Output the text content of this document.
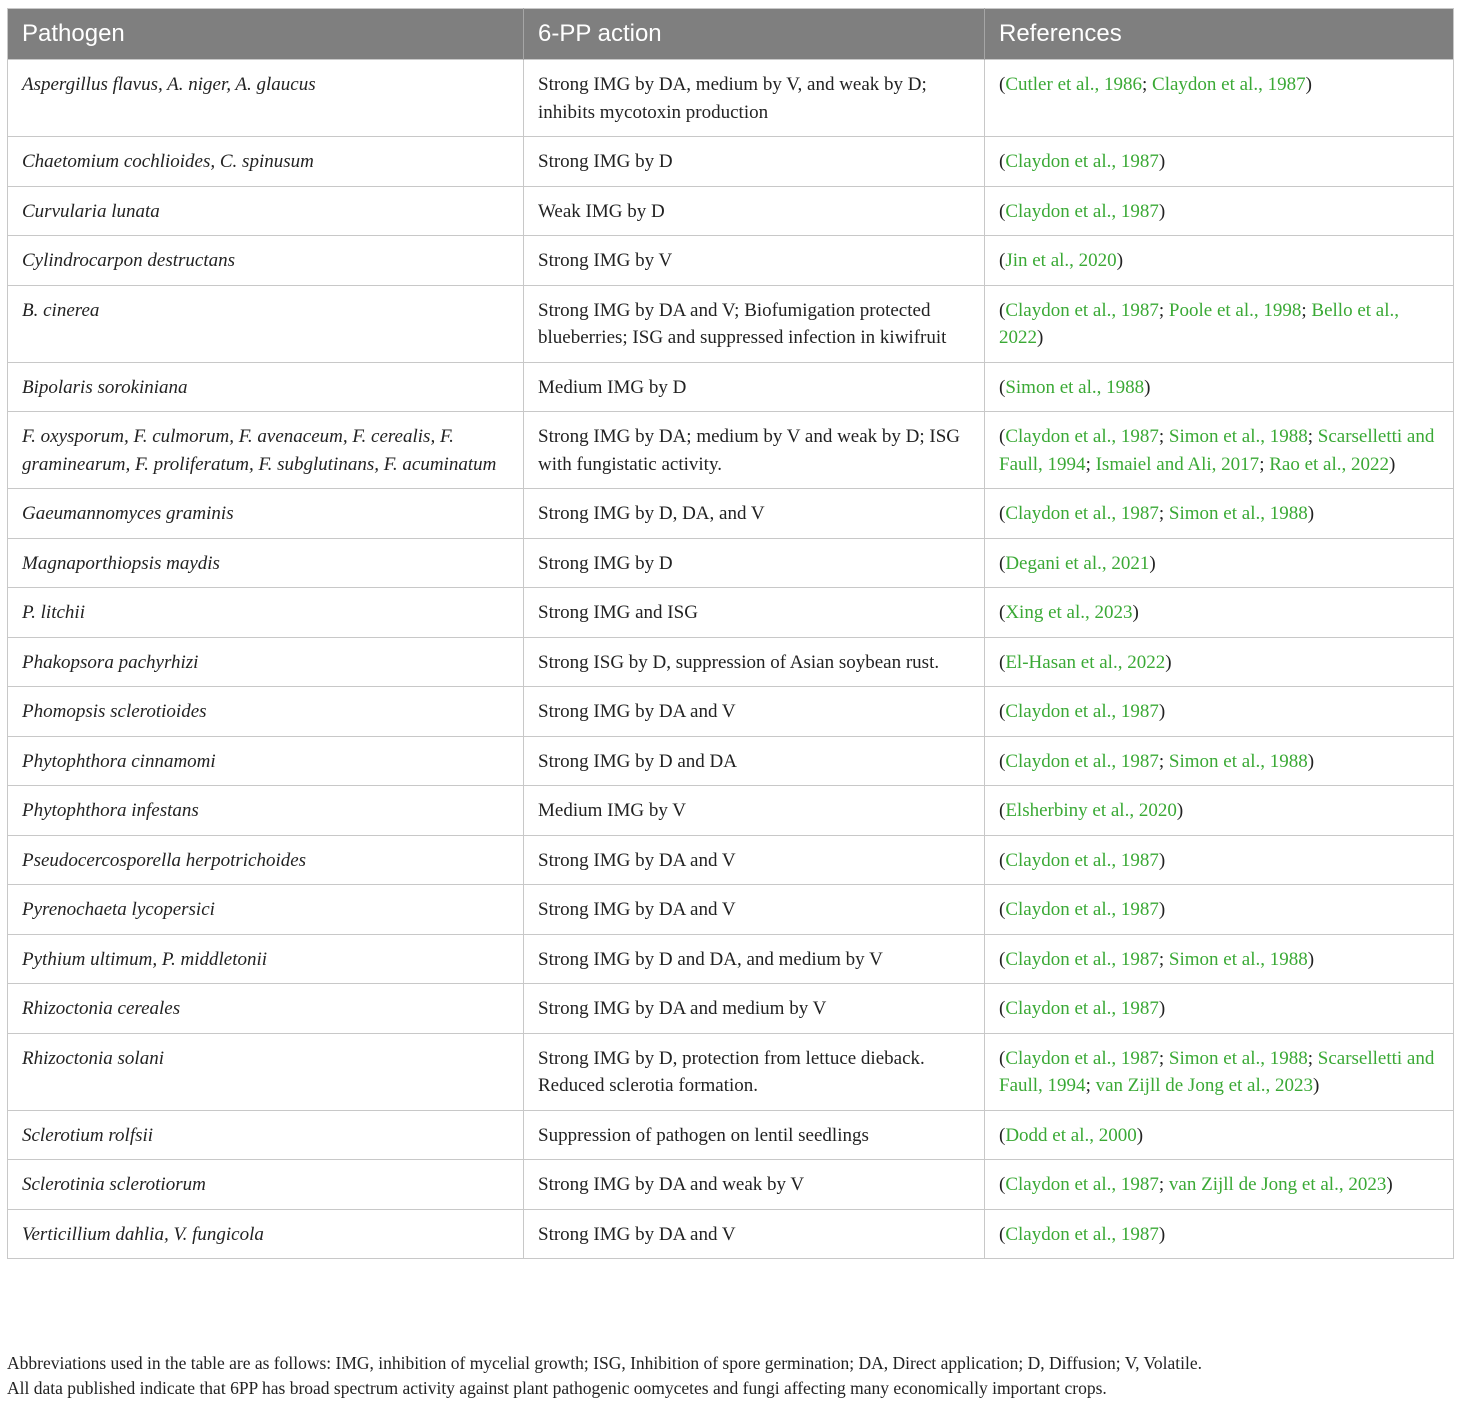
Pathogen	6-PP action	References
Aspergillus flavus, A. niger, A. glaucus	Strong IMG by DA, medium by V, and weak by D; inhibits mycotoxin production	(Cutler et al., 1986; Claydon et al., 1987)
Chaetomium cochlioides, C. spinusum	Strong IMG by D	(Claydon et al., 1987)
Curvularia lunata	Weak IMG by D	(Claydon et al., 1987)
Cylindrocarpon destructans	Strong IMG by V	(Jin et al., 2020)
B. cinerea	Strong IMG by DA and V; Biofumigation protected blueberries; ISG and suppressed infection in kiwifruit	(Claydon et al., 1987; Poole et al., 1998; Bello et al., 2022)
Bipolaris sorokiniana	Medium IMG by D	(Simon et al., 1988)
F. oxysporum, F. culmorum, F. avenaceum, F. cerealis, F. graminearum, F. proliferatum, F. subglutinans, F. acuminatum	Strong IMG by DA; medium by V and weak by D; ISG with fungistatic activity.	(Claydon et al., 1987; Simon et al., 1988; Scarselletti and Faull, 1994; Ismaiel and Ali, 2017; Rao et al., 2022)
Gaeumannomyces graminis	Strong IMG by D, DA, and V	(Claydon et al., 1987; Simon et al., 1988)
Magnaporthiopsis maydis	Strong IMG by D	(Degani et al., 2021)
P. litchii	Strong IMG and ISG	(Xing et al., 2023)
Phakopsora pachyrhizi	Strong ISG by D, suppression of Asian soybean rust.	(El-Hasan et al., 2022)
Phomopsis sclerotioides	Strong IMG by DA and V	(Claydon et al., 1987)
Phytophthora cinnamomi	Strong IMG by D and DA	(Claydon et al., 1987; Simon et al., 1988)
Phytophthora infestans	Medium IMG by V	(Elsherbiny et al., 2020)
Pseudocercosporella herpotrichoides	Strong IMG by DA and V	(Claydon et al., 1987)
Pyrenochaeta lycopersici	Strong IMG by DA and V	(Claydon et al., 1987)
Pythium ultimum, P. middletonii	Strong IMG by D and DA, and medium by V	(Claydon et al., 1987; Simon et al., 1988)
Rhizoctonia cereales	Strong IMG by DA and medium by V	(Claydon et al., 1987)
Rhizoctonia solani	Strong IMG by D, protection from lettuce dieback. Reduced sclerotia formation.	(Claydon et al., 1987; Simon et al., 1988; Scarselletti and Faull, 1994; van Zijll de Jong et al., 2023)
Sclerotium rolfsii	Suppression of pathogen on lentil seedlings	(Dodd et al., 2000)
Sclerotinia sclerotiorum	Strong IMG by DA and weak by V	(Claydon et al., 1987; van Zijll de Jong et al., 2023)
Verticillium dahlia, V. fungicola	Strong IMG by DA and V	(Claydon et al., 1987)
Abbreviations used in the table are as follows: IMG, inhibition of mycelial growth; ISG, Inhibition of spore germination; DA, Direct application; D, Diffusion; V, Volatile.
All data published indicate that 6PP has broad spectrum activity against plant pathogenic oomycetes and fungi affecting many economically important crops.
